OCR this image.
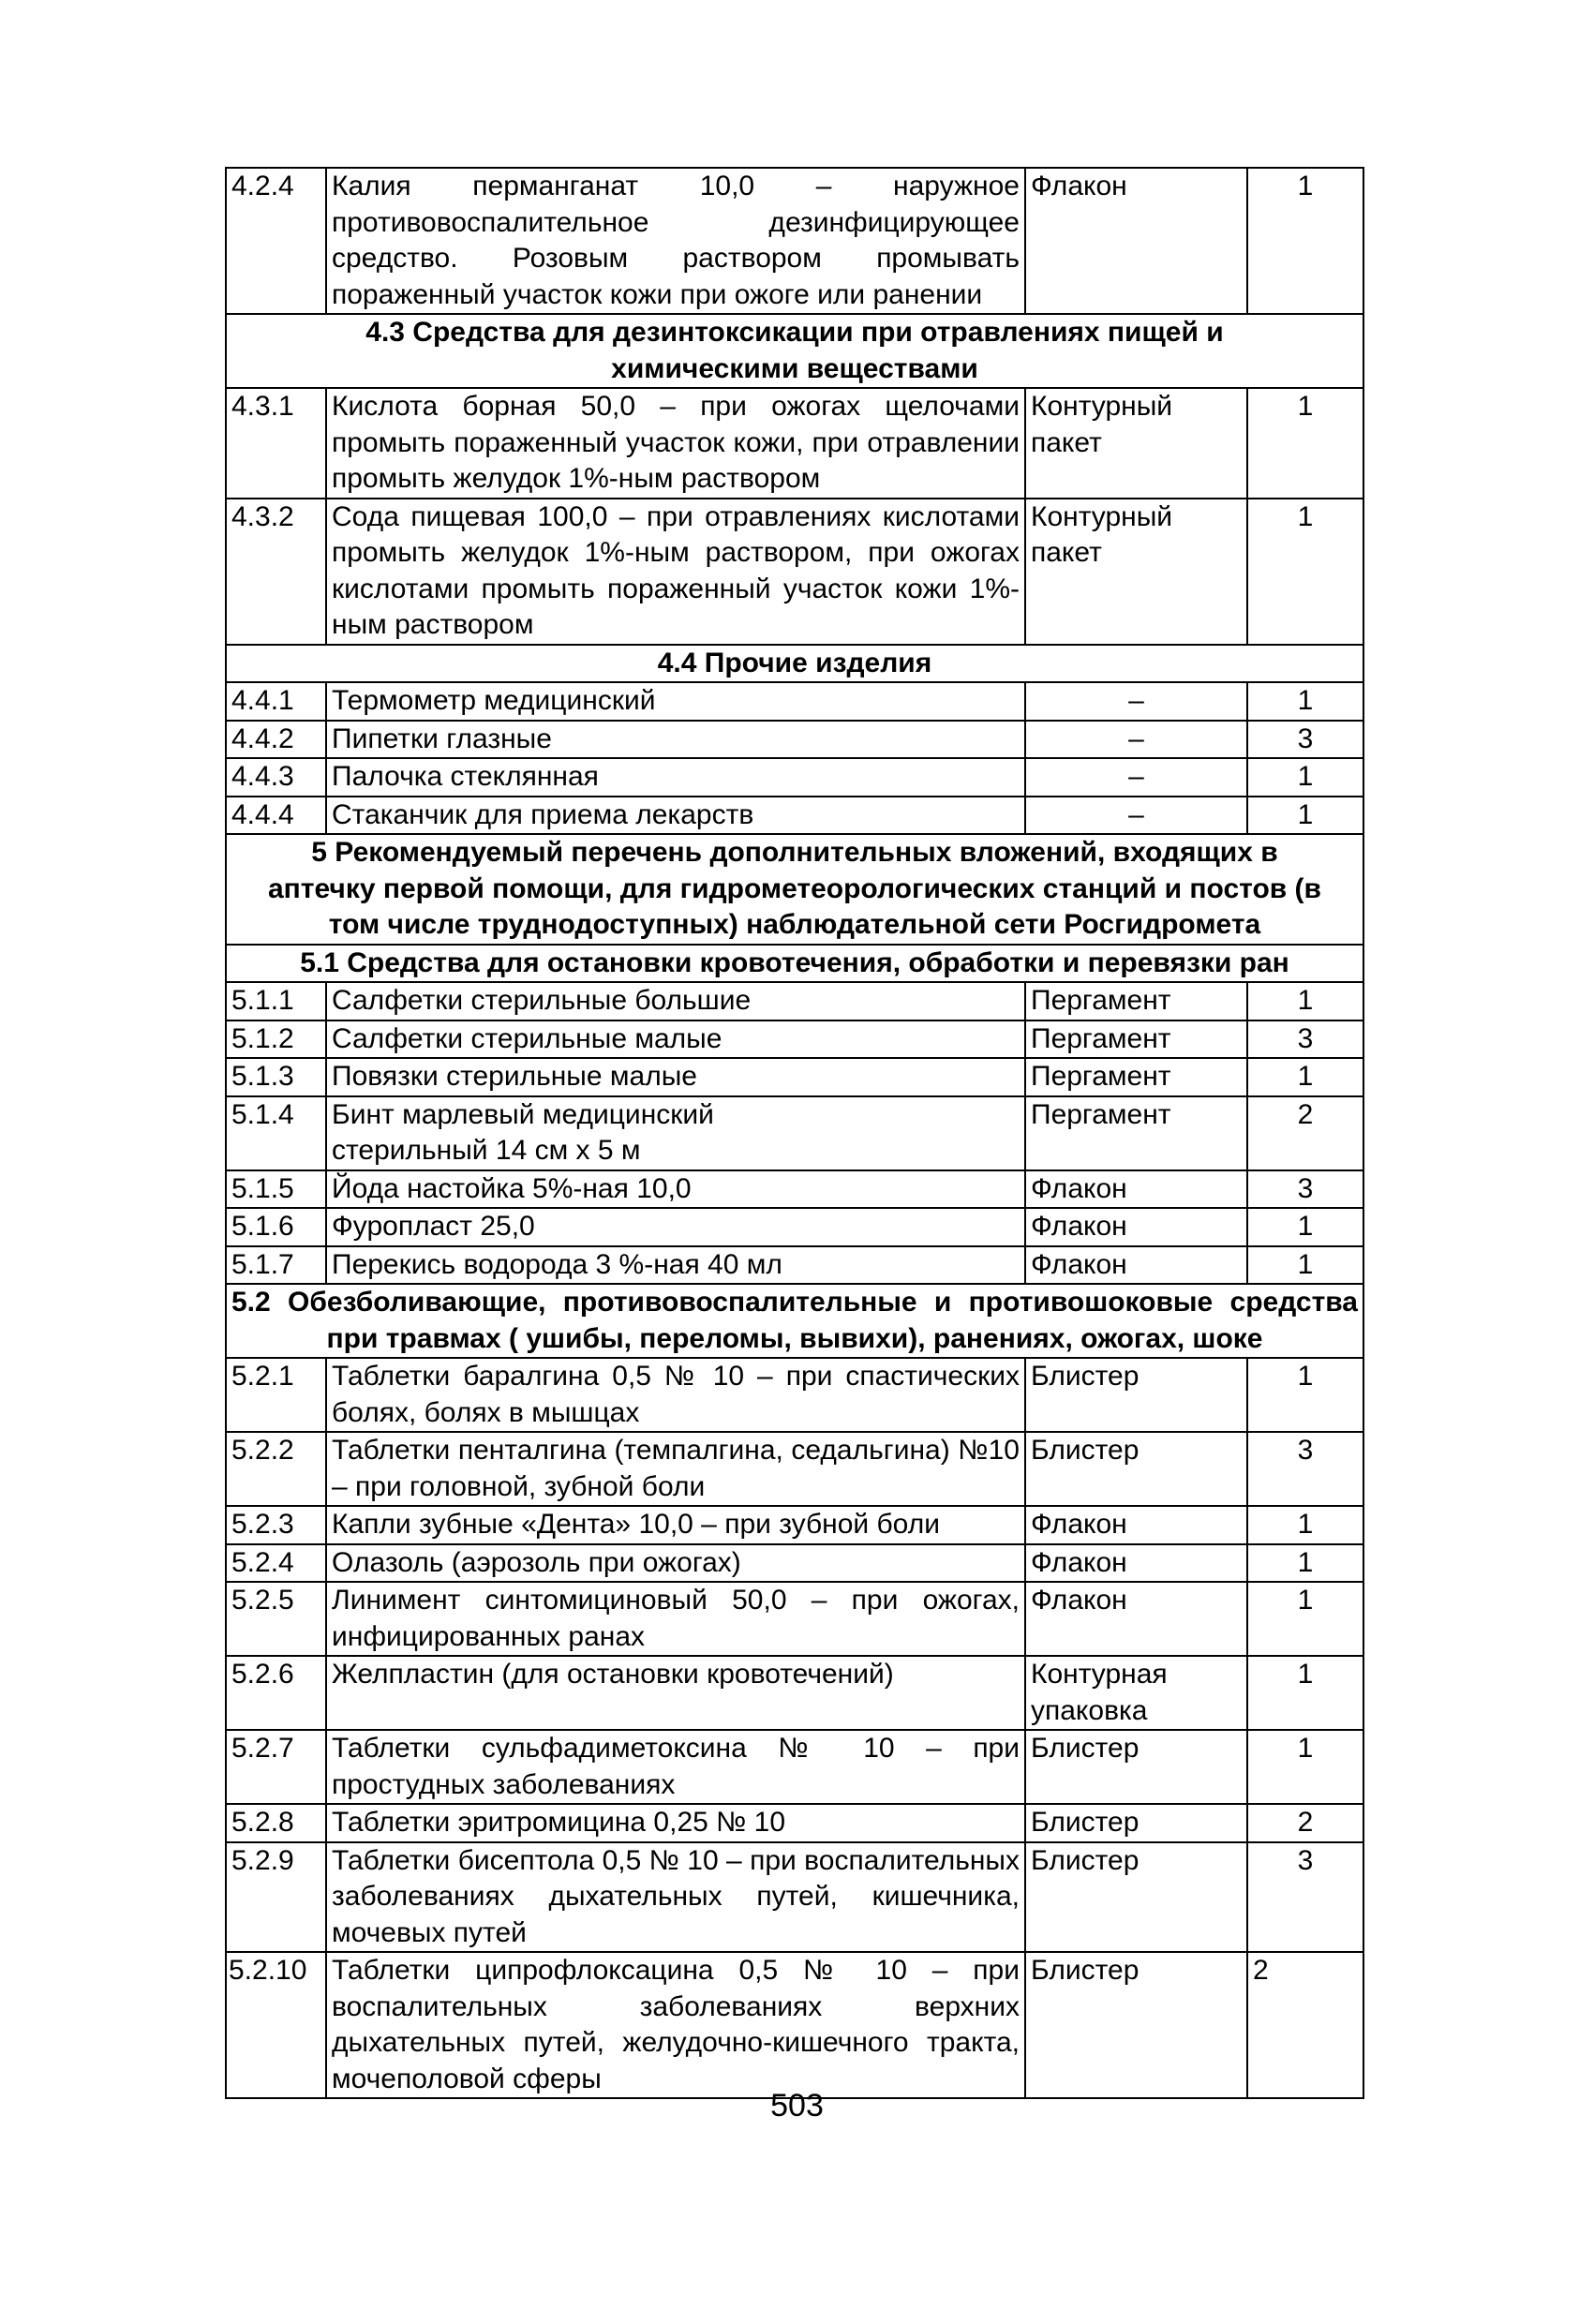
4.2.4	Калия перманганат 10,0 – наружное противовоспалительное дезинфицирующее средство. Розовым раствором промывать пораженный участок кожи при ожоге или ранении	Флакон	1
4.3 Средства для дезинтоксикации при отравлениях пищей и химическими веществами			
4.3.1	Кислота борная 50,0 – при ожогах щелочами промыть пораженный участок кожи, при отравлении промыть желудок 1%-ным раствором	Контурный пакет	1
4.3.2	Сода пищевая 100,0 – при отравлениях кислотами промыть желудок 1%-ным раствором, при ожогах кислотами промыть пораженный участок кожи 1%-ным раствором	Контурный пакет	1
4.4 Прочие изделия			
4.4.1	Термометр медицинский	–	1
4.4.2	Пипетки глазные	–	3
4.4.3	Палочка стеклянная	–	1
4.4.4	Стаканчик для приема лекарств	–	1
5 Рекомендуемый перечень дополнительных вложений, входящих в аптечку первой помощи, для гидрометеорологических станций и постов (в том числе труднодоступных) наблюдательной сети Росгидромета			
5.1 Средства для остановки кровотечения, обработки и перевязки ран			
5.1.1	Салфетки стерильные большие	Пергамент	1
5.1.2	Салфетки стерильные малые	Пергамент	3
5.1.3	Повязки стерильные малые	Пергамент	1
5.1.4	Бинт марлевый медицинский стерильный 14 см х 5 м	Пергамент	2
5.1.5	Йода настойка 5%-ная 10,0	Флакон	3
5.1.6	Фуропласт 25,0	Флакон	1
5.1.7	Перекись водорода 3 %-ная 40 мл	Флакон	1
5.2 Обезболивающие, противовоспалительные и противошоковые средства при травмах ( ушибы, переломы, вывихи), ранениях, ожогах, шоке			
5.2.1	Таблетки баралгина 0,5 № 10 – при спастических болях, болях в мышцах	Блистер	1
5.2.2	Таблетки пенталгина (темпалгина, седальгина) №10 – при головной, зубной боли	Блистер	3
5.2.3	Капли зубные «Дента» 10,0 – при зубной боли	Флакон	1
5.2.4	Олазоль (аэрозоль при ожогах)	Флакон	1
5.2.5	Линимент синтомициновый 50,0 – при ожогах, инфицированных ранах	Флакон	1
5.2.6	Желпластин (для остановки кровотечений)	Контурная упаковка	1
5.2.7	Таблетки сульфадиметоксина № 10 – при простудных заболеваниях	Блистер	1
5.2.8	Таблетки эритромицина 0,25 № 10	Блистер	2
5.2.9	Таблетки бисептола 0,5 № 10 – при воспалительных заболеваниях дыхательных путей, кишечника, мочевых путей	Блистер	3
5.2.10	Таблетки ципрофлоксацина 0,5 № 10 – при воспалительных заболеваниях верхних дыхательных путей, желудочно-кишечного тракта, мочеполовой сферы	Блистер	2
503
